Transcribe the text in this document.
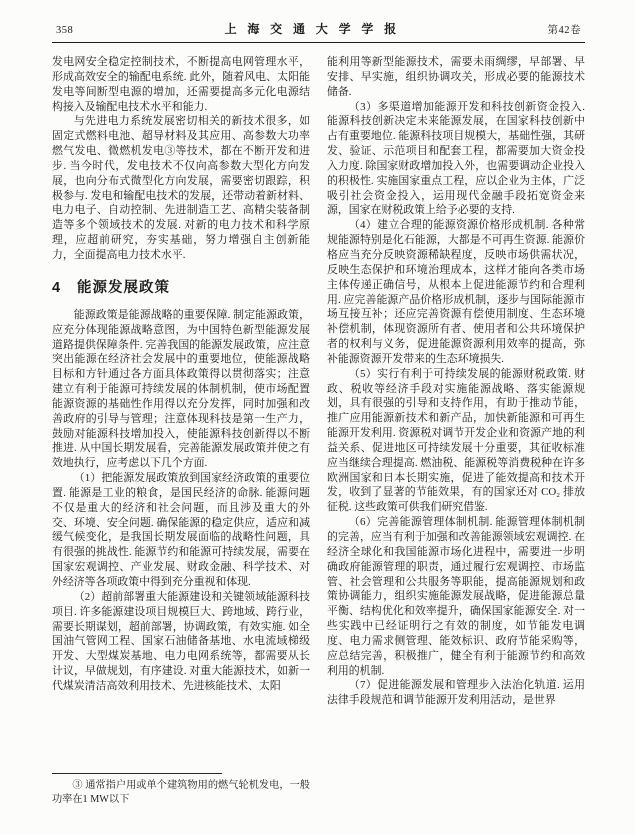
358	上海交通大学学报	第42卷

发电网安全稳定控制技术，不断提高电网管理水平，形成高效安全的输配电系统. 此外，随着风电、太阳能发电等间断型电源的增加，还需要提高多元化电源结构接入及输配电技术水平和能力.

与先进电力系统发展密切相关的新技术很多，如固定式燃料电池、超导材料及其应用、高参数大功率燃气发电、微燃机发电③等技术，都在不断开发和进步. 当今时代，发电技术不仅向高参数大型化方向发展，也向分布式微型化方向发展，需要密切跟踪，积极参与. 发电和输配电技术的发展，还带动着新材料、电力电子、自动控制、先进制造工艺、高精尖装备制造等多个领域技术的发展. 对新的电力技术和科学原理，应超前研究，夯实基础，努力增强自主创新能力，全面提高电力技术水平.

4 能源发展政策

能源政策是能源战略的重要保障. 制定能源政策，应充分体现能源战略意图，为中国特色新型能源发展道路提供保障条件. 完善我国的能源发展政策，应注意突出能源在经济社会发展中的重要地位，使能源战略目标和方针通过各方面具体政策得以贯彻落实；注意建立有利于能源可持续发展的体制机制，使市场配置能源资源的基础性作用得以充分发挥，同时加强和改善政府的引导与管理；注意体现科技是第一生产力，鼓励对能源科技增加投入，使能源科技创新得以不断推进. 从中国长期发展看，完善能源发展政策并使之有效地执行，应考虑以下几个方面.

（1）把能源发展政策放到国家经济政策的重要位置. 能源是工业的粮食，是国民经济的命脉. 能源问题不仅是重大的经济和社会问题，而且涉及重大的外交、环境、安全问题. 确保能源的稳定供应，适应和减缓气候变化，是我国长期发展面临的战略性问题，具有很强的挑战性. 能源节约和能源可持续发展，需要在国家宏观调控、产业发展、财政金融、科学技术、对外经济等各项政策中得到充分重视和体现.

（2）超前部署重大能源建设和关键领域能源科技项目. 许多能源建设项目规模巨大、跨地域、跨行业，需要长期谋划，超前部署，协调政策，有效实施. 如全国油气管网工程、国家石油储备基地、水电流域梯级开发、大型煤炭基地、电力电网系统等，都需要从长计议，早做规划，有序建设. 对重大能源技术，如新一代煤炭清洁高效利用技术、先进核能技术、太阳

③ 通常指户用或单个建筑物用的燃气轮机发电，一般功率在1 MW以下

能利用等新型能源技术，需要未雨绸缪，早部署、早安排、早实施，组织协调攻关，形成必要的能源技术储备.

（3）多渠道增加能源开发和科技创新资金投入. 能源科技创新决定未来能源发展，在国家科技创新中占有重要地位. 能源科技项目规模大，基础性强，其研发、验证、示范项目和配套工程，都需要加大资金投入力度. 除国家财政增加投入外，也需要调动企业投入的积极性. 实施国家重点工程，应以企业为主体，广泛吸引社会资金投入，运用现代金融手段拓宽资金来源，国家在财税政策上给予必要的支持.

（4）建立合理的能源资源价格形成机制. 各种常规能源特别是化石能源，大都是不可再生资源. 能源价格应当充分反映资源稀缺程度，反映市场供需状况，反映生态保护和环境治理成本，这样才能向各类市场主体传递正确信号，从根本上促进能源节约和合理利用. 应完善能源产品价格形成机制，逐步与国际能源市场互接互补；还应完善资源有偿使用制度、生态环境补偿机制，体现资源所有者、使用者和公共环境保护者的权利与义务，促进能源资源利用效率的提高，弥补能源资源开发带来的生态环境损失.

（5）实行有利于可持续发展的能源财税政策. 财政、税收等经济手段对实施能源战略、落实能源规划，具有很强的引导和支持作用，有助于推动节能，推广应用能源新技术和新产品，加快新能源和可再生能源开发利用. 资源税对调节开发企业和资源产地的利益关系、促进地区可持续发展十分重要，其征收标准应当继续合理提高. 燃油税、能源税等消费税种在许多欧洲国家和日本长期实施，促进了能效提高和技术开发，收到了显著的节能效果，有的国家还对 CO₂ 排放征税. 这些政策可供我们研究借鉴.

（6）完善能源管理体制机制. 能源管理体制机制的完善，应当有利于加强和改善能源领域宏观调控. 在经济全球化和我国能源市场化进程中，需要进一步明确政府能源管理的职责，通过履行宏观调控、市场监管、社会管理和公共服务等职能，提高能源规划和政策协调能力，组织实施能源发展战略，促进能源总量平衡、结构优化和效率提升，确保国家能源安全. 对一些实践中已经证明行之有效的制度，如节能发电调度、电力需求侧管理、能效标识、政府节能采购等，应总结完善，积极推广，健全有利于能源节约和高效利用的机制.

（7）促进能源发展和管理步入法治化轨道. 运用法律手段规范和调节能源开发利用活动，是世界
